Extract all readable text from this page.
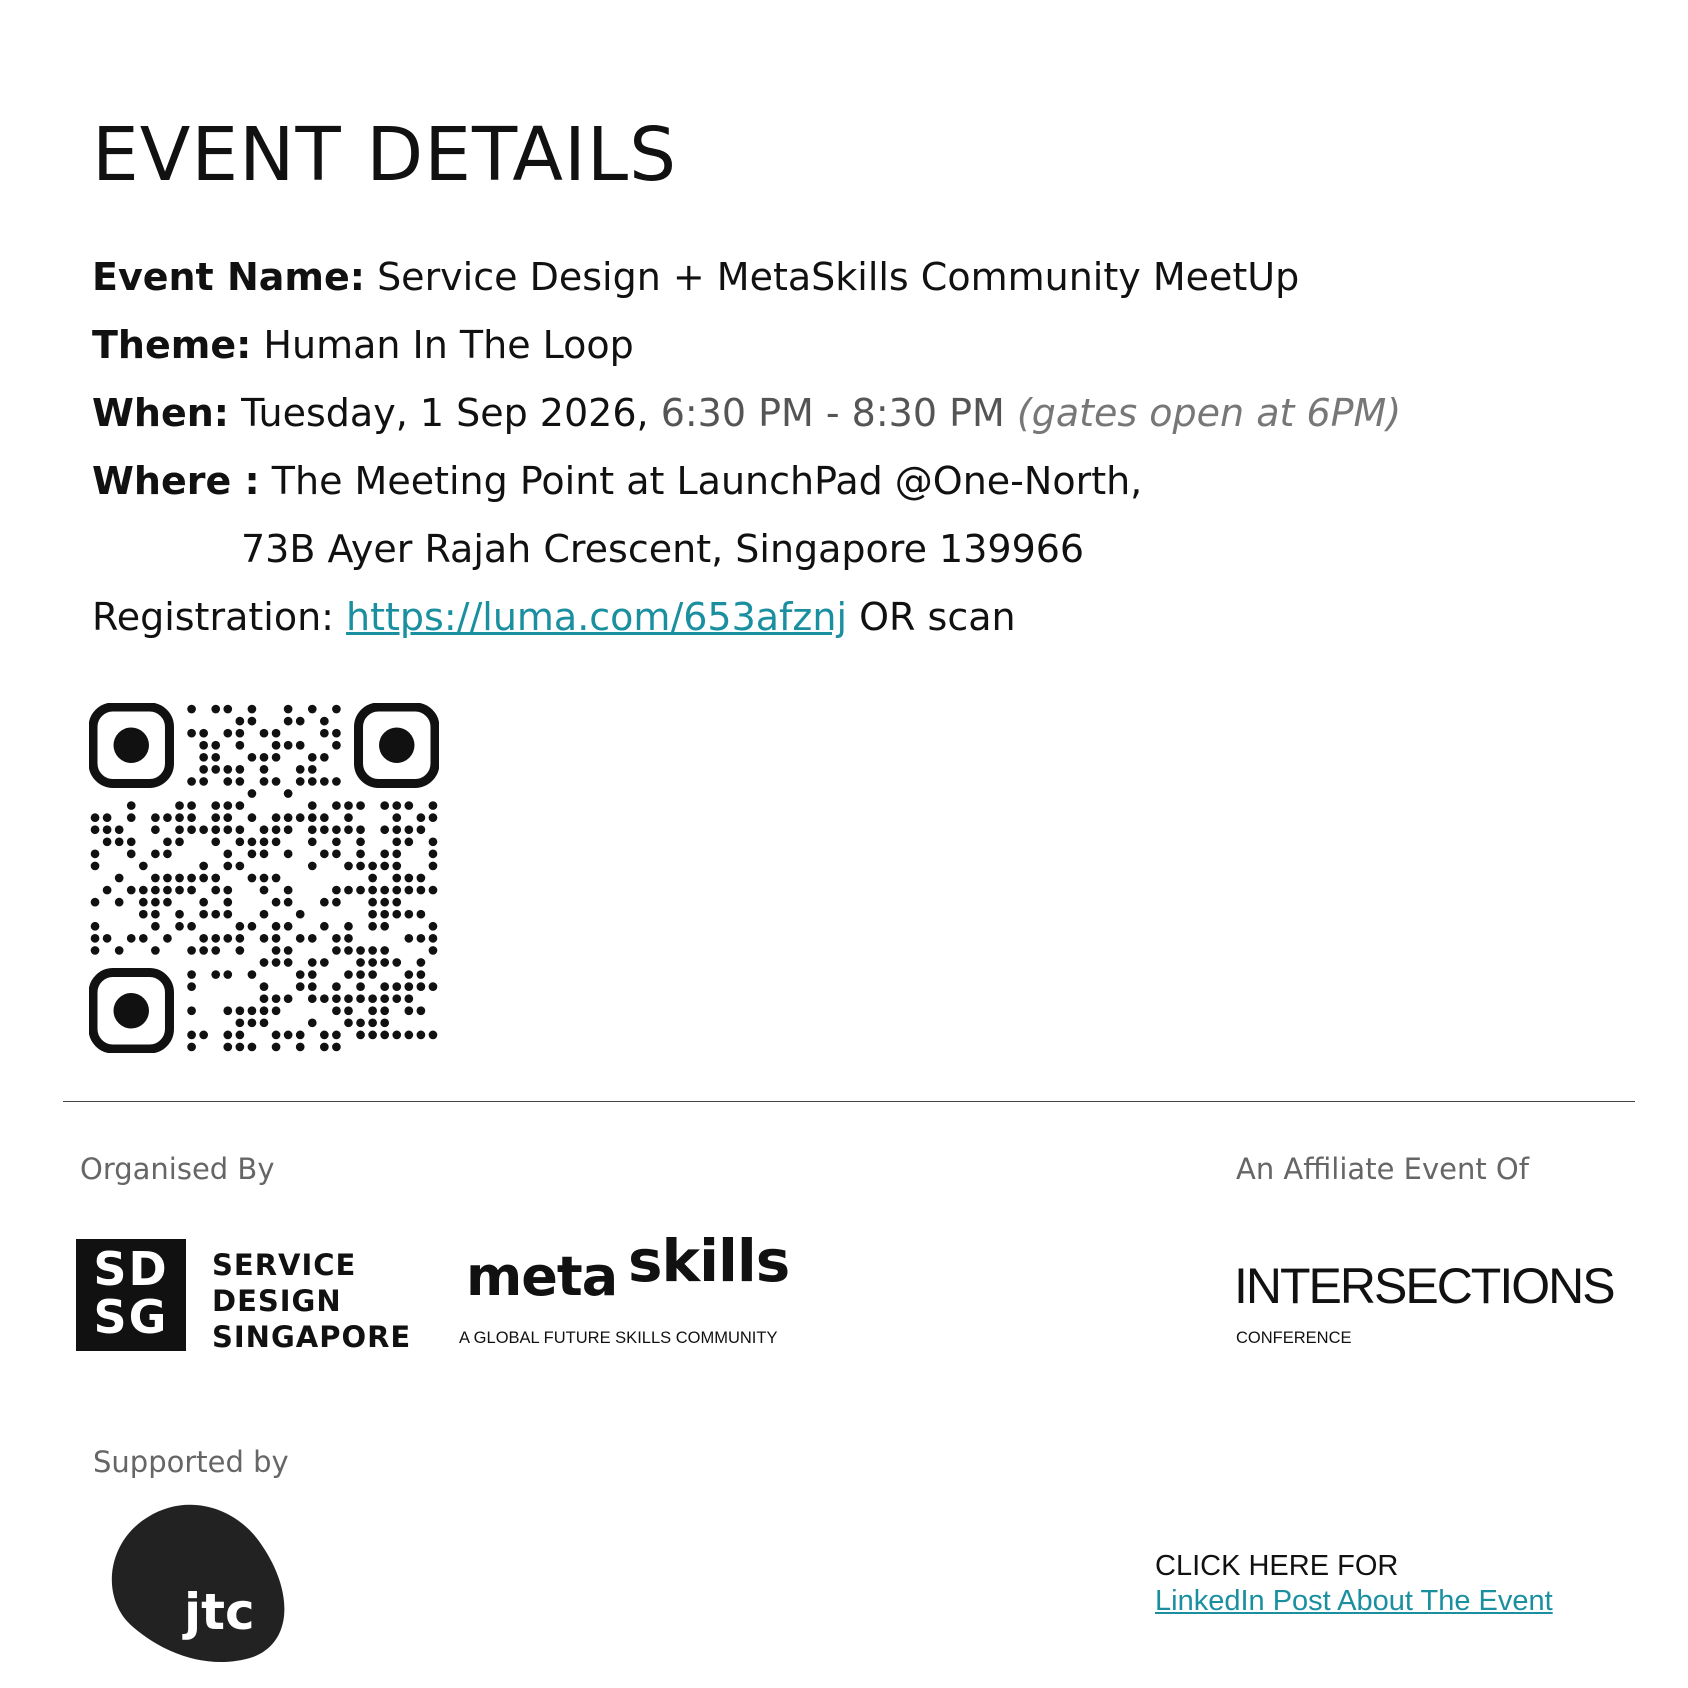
EVENT DETAILS
Event Name: Service Design + MetaSkills Community MeetUp
Theme: Human In The Loop
When: Tuesday, 1 Sep 2026, 6:30 PM - 8:30 PM (gates open at 6PM)
Where : The Meeting Point at LaunchPad @One-North,
73B Ayer Rajah Crescent, Singapore 139966
Registration: https://luma.com/653afznj OR scan
Organised By	An Affiliate Event Of
Supported by
SD
SG
SERVICE
DESIGN
SINGAPORE
meta skills
A GLOBAL FUTURE SKILLS COMMUNITY
INTERSECTIONS
CONFERENCE
jtc
CLICK HERE FOR
LinkedIn Post About The Event
